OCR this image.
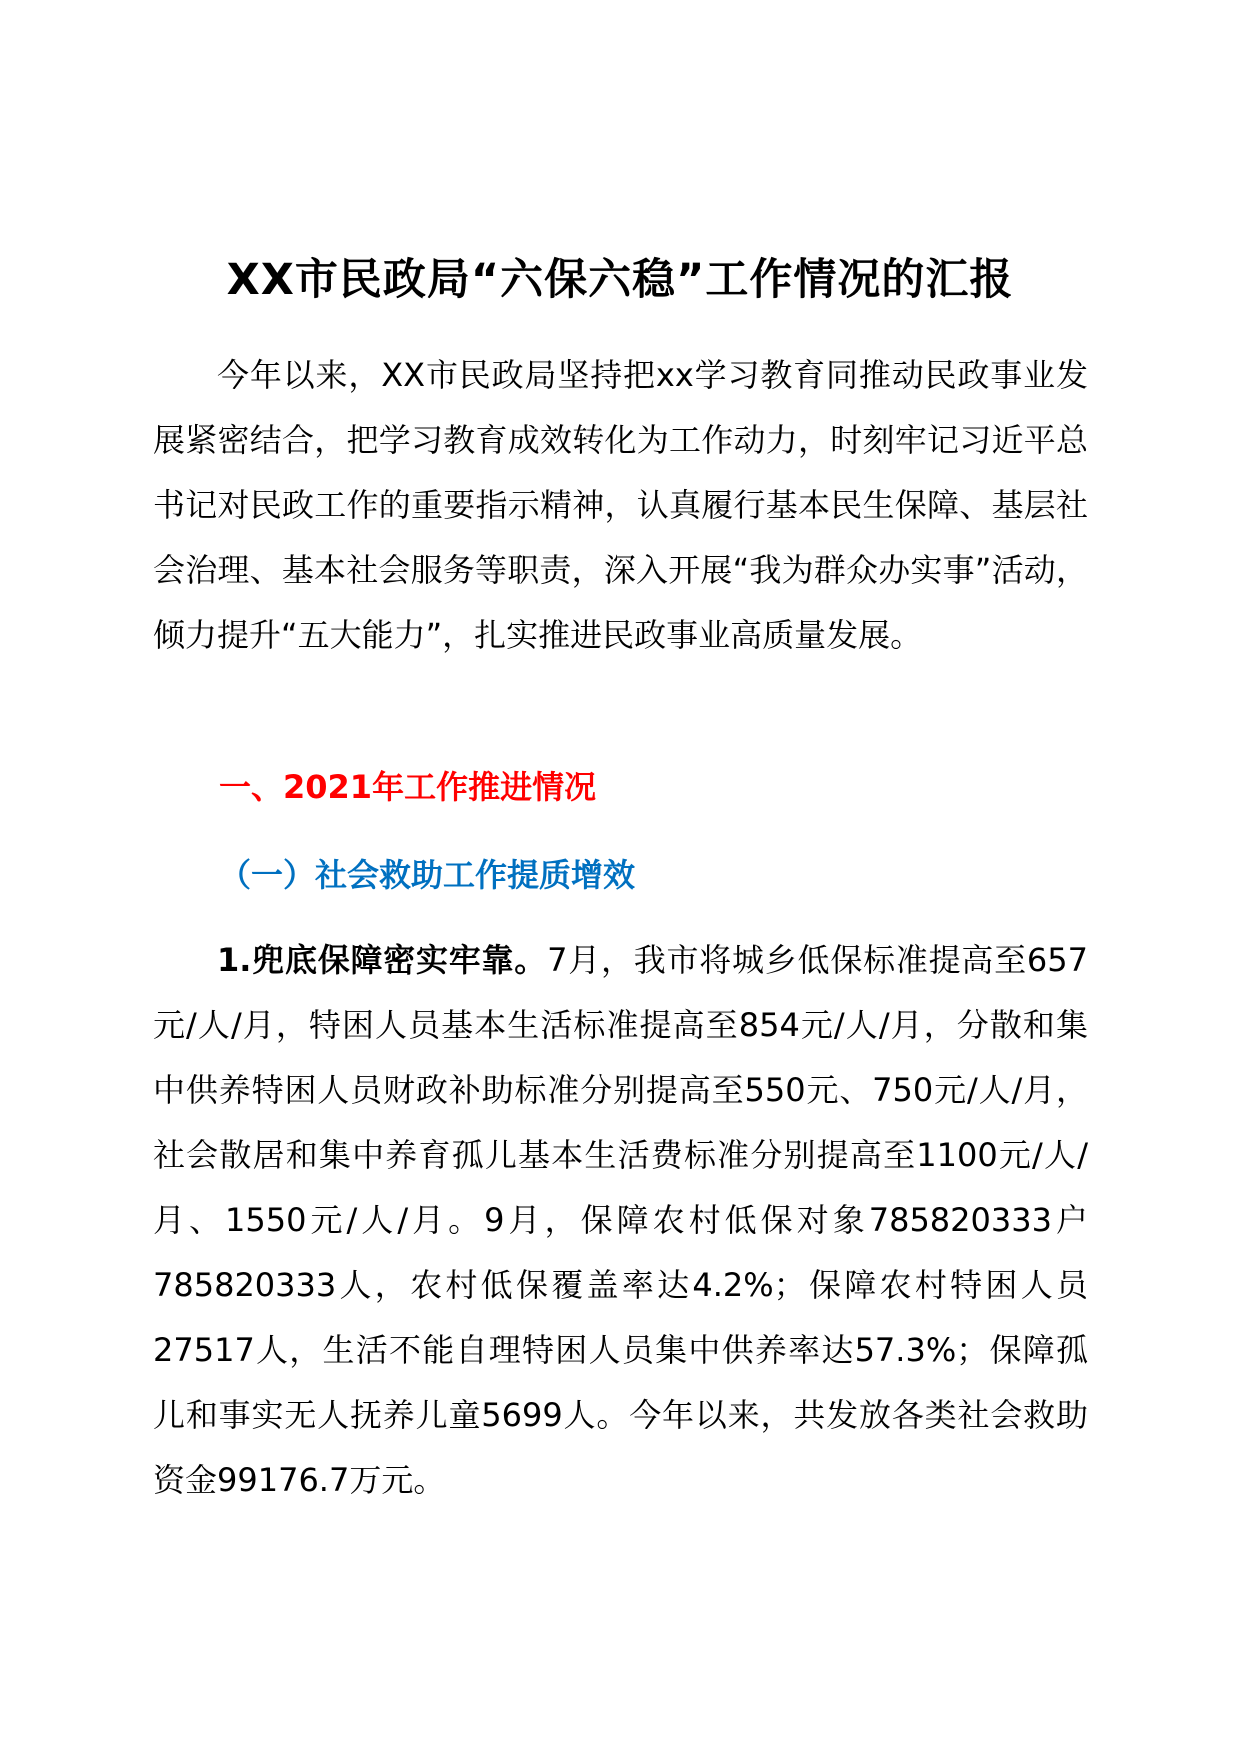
XX市民政局“六保六稳”工作情况的汇报

今年以来，XX市民政局坚持把xx学习教育同推动民政事业发展紧密结合，把学习教育成效转化为工作动力，时刻牢记习近平总书记对民政工作的重要指示精神，认真履行基本民生保障、基层社会治理、基本社会服务等职责，深入开展“我为群众办实事”活动，倾力提升“五大能力”，扎实推进民政事业高质量发展。

一、2021年工作推进情况
（一）社会救助工作提质增效

1.兜底保障密实牢靠。7月，我市将城乡低保标准提高至657元/人/月，特困人员基本生活标准提高至854元/人/月，分散和集中供养特困人员财政补助标准分别提高至550元、750元/人/月，社会散居和集中养育孤儿基本生活费标准分别提高至1100元/人/月、1550元/人/月。9月，保障农村低保对象785820333户785820333人，农村低保覆盖率达4.2%；保障农村特困人员27517人，生活不能自理特困人员集中供养率达57.3%；保障孤儿和事实无人抚养儿童5699人。今年以来，共发放各类社会救助资金99176.7万元。
